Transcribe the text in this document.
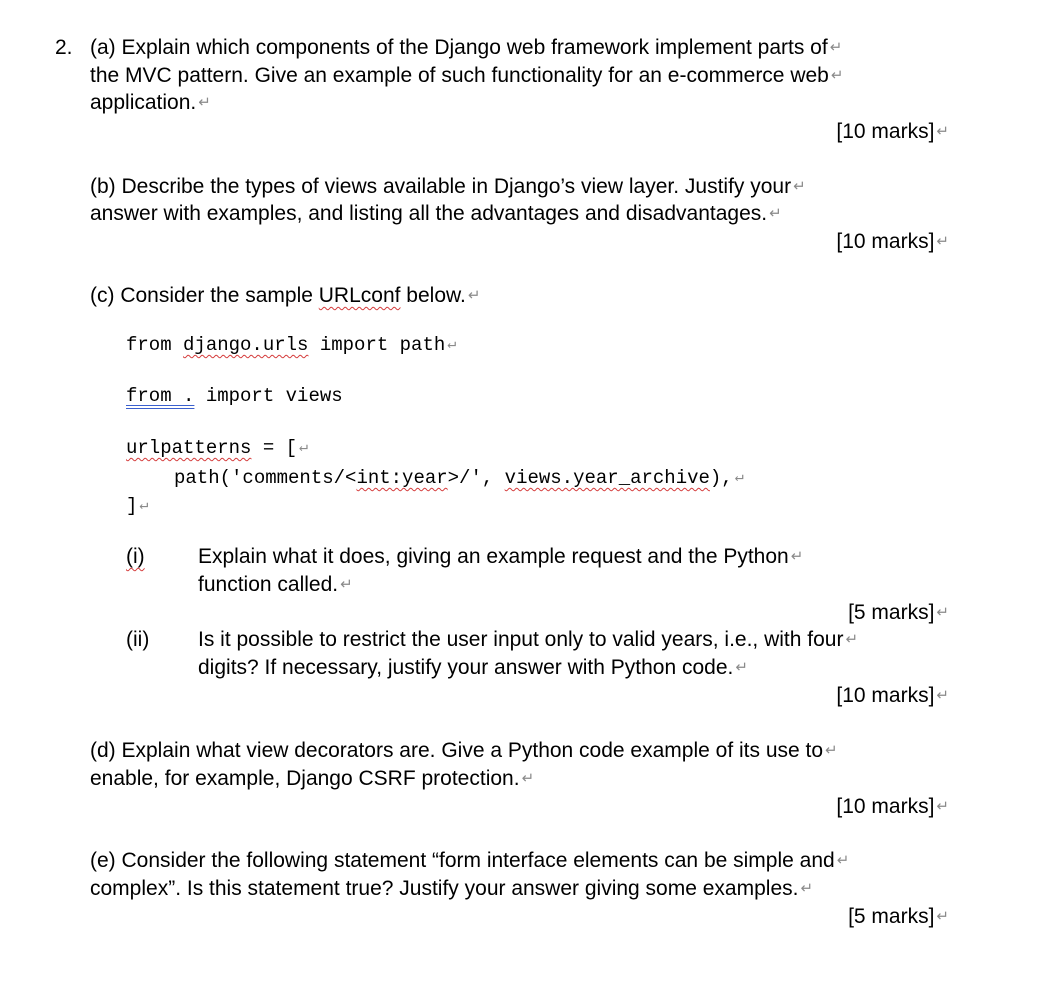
2. (a) Explain which components of the Django web framework implement parts of ↵
the MVC pattern. Give an example of such functionality for an e-commerce web ↵
application. ↵
[10 marks] ↵
(b) Describe the types of views available in Django’s view layer. Justify your ↵
answer with examples, and listing all the advantages and disadvantages. ↵
[10 marks] ↵
(c) Consider the sample URLconf below. ↵
from django.urls import path ↵
from . import views
urlpatterns = [ ↵
path('comments/<int:year>/', views.year_archive), ↵
] ↵
(i)	Explain what it does, giving an example request and the Python ↵
function called. ↵
[5 marks] ↵
(ii) Is it possible to restrict the user input only to valid years, i.e., with four ↵
digits? If necessary, justify your answer with Python code. ↵
[10 marks] ↵
(d) Explain what view decorators are. Give a Python code example of its use to ↵
enable, for example, Django CSRF protection. ↵
[10 marks] ↵
(e) Consider the following statement “form interface elements can be simple and ↵
complex”. Is this statement true? Justify your answer giving some examples. ↵
[5 marks] ↵
